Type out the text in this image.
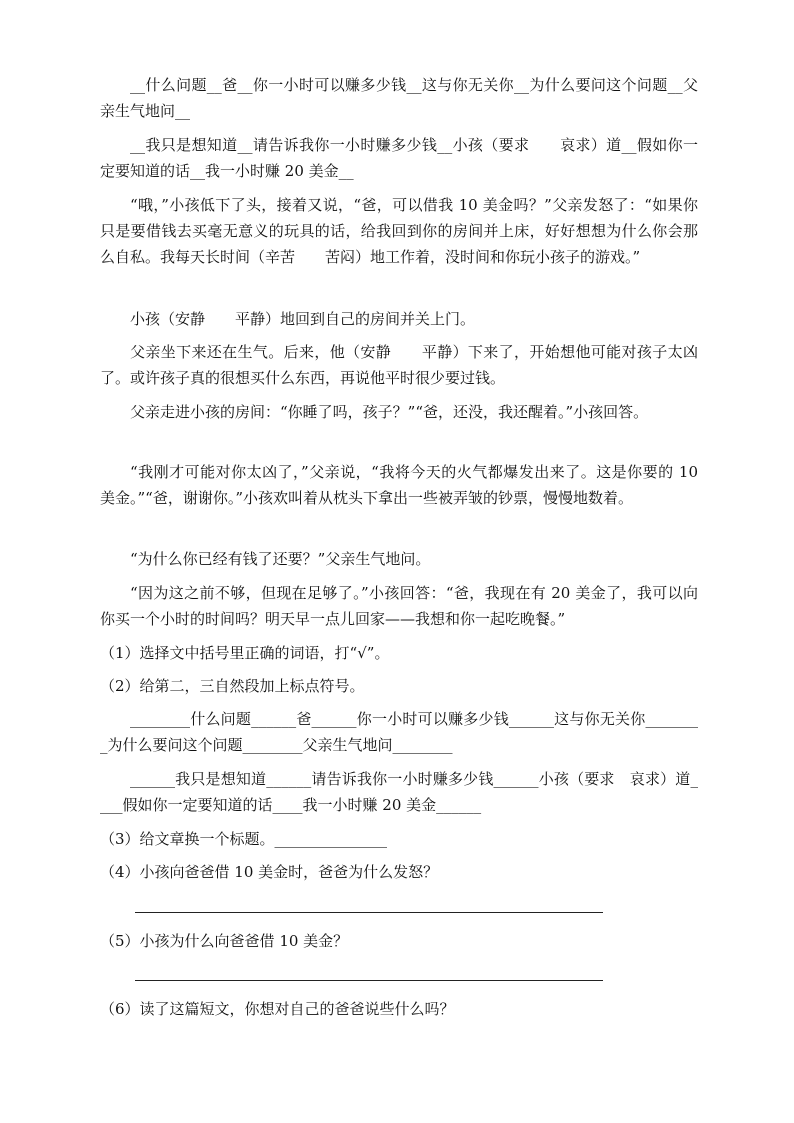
__什么问题__爸__你一小时可以赚多少钱__这与你无关你__为什么要问这个问题__父亲生气地问__

__我只是想知道__请告诉我你一小时赚多少钱__小孩（要求　　哀求）道__假如你一定要知道的话__我一小时赚 20 美金__

“哦，”小孩低下了头，接着又说，“爸，可以借我 10 美金吗？”父亲发怒了：“如果你只是要借钱去买毫无意义的玩具的话，给我回到你的房间并上床，好好想想为什么你会那么自私。我每天长时间（辛苦　　苦闷）地工作着，没时间和你玩小孩子的游戏。”

小孩（安静　　平静）地回到自己的房间并关上门。

父亲坐下来还在生气。后来，他（安静　　平静）下来了，开始想他可能对孩子太凶了。或许孩子真的很想买什么东西，再说他平时很少要过钱。

父亲走进小孩的房间：“你睡了吗，孩子？”“爸，还没，我还醒着。”小孩回答。

“我刚才可能对你太凶了，”父亲说，“我将今天的火气都爆发出来了。这是你要的 10 美金。”“爸，谢谢你。”小孩欢叫着从枕头下拿出一些被弄皱的钞票，慢慢地数着。

“为什么你已经有钱了还要？”父亲生气地问。

“因为这之前不够，但现在足够了。”小孩回答：“爸，我现在有 20 美金了，我可以向你买一个小时的时间吗？明天早一点儿回家——我想和你一起吃晚餐。”

（1）选择文中括号里正确的词语，打“√”。

（2）给第二，三自然段加上标点符号。

________什么问题______爸______你一小时可以赚多少钱______这与你无关你________为什么要问这个问题________父亲生气地问________

______我只是想知道______请告诉我你一小时赚多少钱______小孩（要求　哀求）道____假如你一定要知道的话____我一小时赚 20 美金______

（3）给文章换一个标题。_______________

（4）小孩向爸爸借 10 美金时，爸爸为什么发怒？

（5）小孩为什么向爸爸借 10 美金？

（6）读了这篇短文，你想对自己的爸爸说些什么吗？
